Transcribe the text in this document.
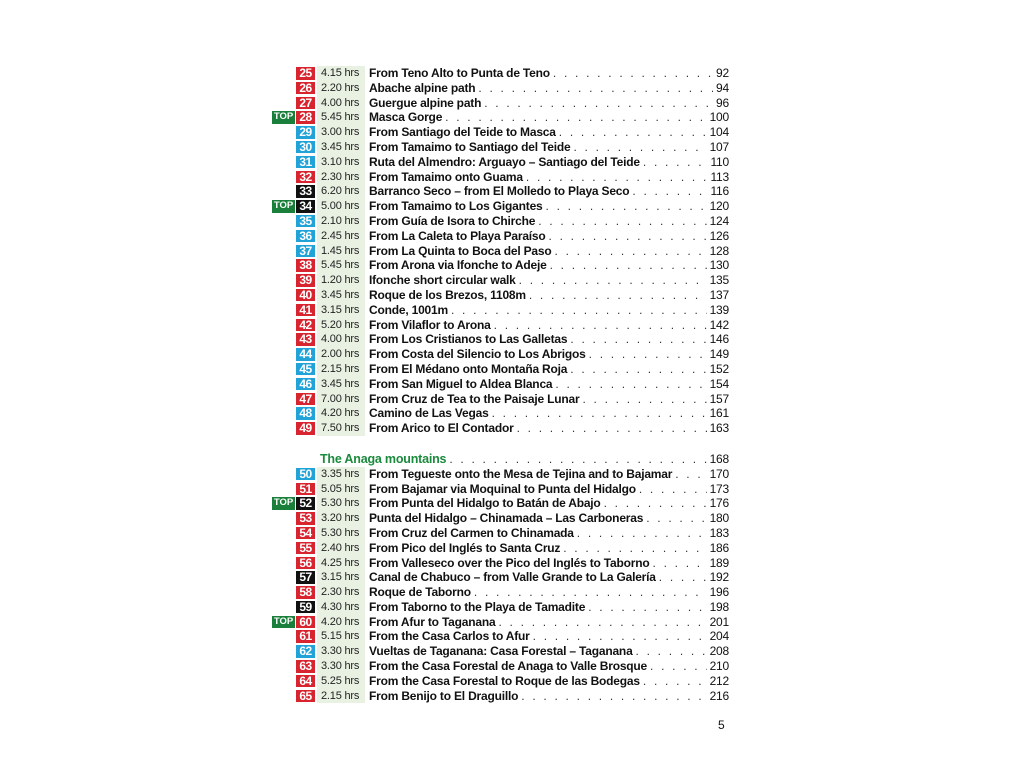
25 4.15 hrs From Teno Alto to Punta de Teno . . .	92
26 2.20 hrs Abache alpine path . . .	94
27 4.00 hrs Guergue alpine path . . .	96
TOP 28 5.45 hrs Masca Gorge . . .	100
29 3.00 hrs From Santiago del Teide to Masca . . .	104
30 3.45 hrs From Tamaimo to Santiago del Teide . . .	107
31 3.10 hrs Ruta del Almendro: Arguayo – Santiago del Teide . . .	110
32 2.30 hrs From Tamaimo onto Guama . . .	113
33 6.20 hrs Barranco Seco – from El Molledo to Playa Seco . . .	116
TOP 34 5.00 hrs From Tamaimo to Los Gigantes . . .	120
35 2.10 hrs From Guía de Isora to Chirche . . .	124
36 2.45 hrs From La Caleta to Playa Paraíso . . .	126
37 1.45 hrs From La Quinta to Boca del Paso . . .	128
38 5.45 hrs From Arona via Ifonche to Adeje . . .	130
39 1.20 hrs Ifonche short circular walk . . .	135
40 3.45 hrs Roque de los Brezos, 1108m . . .	137
41 3.15 hrs Conde, 1001m . . .	139
42 5.20 hrs From Vilaflor to Arona . . .	142
43 4.00 hrs From Los Cristianos to Las Galletas . . .	146
44 2.00 hrs From Costa del Silencio to Los Abrigos . . .	149
45 2.15 hrs From El Médano onto Montaña Roja . . .	152
46 3.45 hrs From San Miguel to Aldea Blanca . . .	154
47 7.00 hrs From Cruz de Tea to the Paisaje Lunar . . .	157
48 4.20 hrs Camino de Las Vegas . . .	161
49 7.50 hrs From Arico to El Contador . . .	163
The Anaga mountains . . .	168
50 3.35 hrs From Tegueste onto the Mesa de Tejina and to Bajamar . . .	170
51 5.05 hrs From Bajamar via Moquinal to Punta del Hidalgo . . .	173
TOP 52 5.30 hrs From Punta del Hidalgo to Batán de Abajo . . .	176
53 3.20 hrs Punta del Hidalgo – Chinamada – Las Carboneras . . .	180
54 5.30 hrs From Cruz del Carmen to Chinamada . . .	183
55 2.40 hrs From Pico del Inglés to Santa Cruz . . .	186
56 4.25 hrs From Valleseco over the Pico del Inglés to Taborno . . .	189
57 3.15 hrs Canal de Chabuco – from Valle Grande to La Galería . . .	192
58 2.30 hrs Roque de Taborno . . .	196
59 4.30 hrs From Taborno to the Playa de Tamadite . . .	198
TOP 60 4.20 hrs From Afur to Taganana . . .	201
61 5.15 hrs From the Casa Carlos to Afur . . .	204
62 3.30 hrs Vueltas de Taganana: Casa Forestal – Taganana . . .	208
63 3.30 hrs From the Casa Forestal de Anaga to Valle Brosque . . .	210
64 5.25 hrs From the Casa Forestal to Roque de las Bodegas . . .	212
65 2.15 hrs From Benijo to El Draguillo . . .	216
5
